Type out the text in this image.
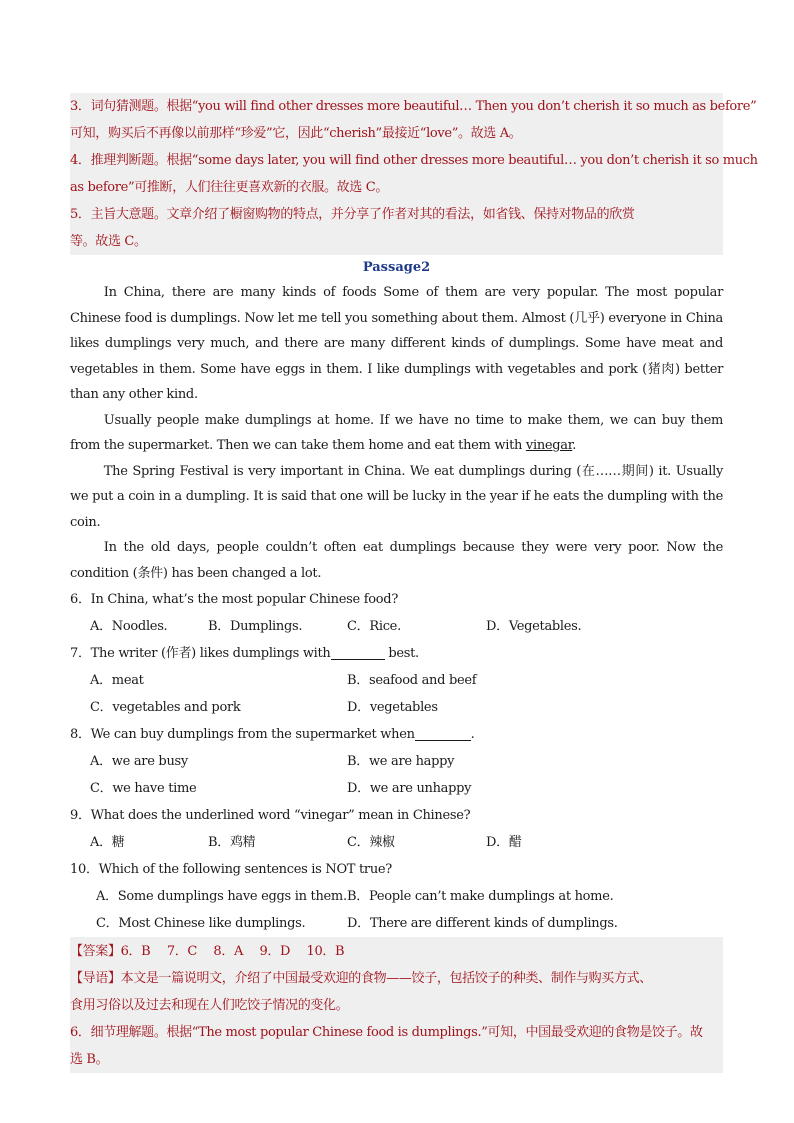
3．词句猜测题。根据“you will find other dresses more beautiful… Then you don’t cherish it so much as before”
可知，购买后不再像以前那样“珍爱”它，因此“cherish”最接近“love”。故选 A。
4．推理判断题。根据“some days later, you will find other dresses more beautiful… you don’t cherish it so much
as before”可推断，人们往往更喜欢新的衣服。故选 C。
5．主旨大意题。文章介绍了橱窗购物的特点，并分享了作者对其的看法，如省钱、保持对物品的欣赏
等。故选 C。
Passage2
In China, there are many kinds of foods Some of them are very popular. The most popular Chinese food is dumplings. Now let me tell you something about them. Almost (几乎) everyone in China likes dumplings very much, and there are many different kinds of dumplings. Some have meat and vegetables in them. Some have eggs in them. I like dumplings with vegetables and pork (猪肉) better than any other kind.
Usually people make dumplings at home. If we have no time to make them, we can buy them from the supermarket. Then we can take them home and eat them with vinegar.
The Spring Festival is very important in China. We eat dumplings during (在……期间) it. Usually we put a coin in a dumpling. It is said that one will be lucky in the year if he eats the dumpling with the coin.
In the old days, people couldn’t often eat dumplings because they were very poor. Now the condition (条件) has been changed a lot.
6．In China, what’s the most popular Chinese food?
A．Noodles.	B．Dumplings.	C．Rice.	D．Vegetables.
7．The writer (作者) likes dumplings with	best.
A．meat	B．seafood and beef
C．vegetables and pork	D．vegetables
8．We can buy dumplings from the supermarket when	.
A．we are busy	B．we are happy
C．we have time	D．we are unhappy
9．What does the underlined word “vinegar” mean in Chinese?
A．糖	B．鸡精	C．辣椒	D．醋
10．Which of the following sentences is NOT true?
A．Some dumplings have eggs in them. B．People can’t make dumplings at home.
C．Most Chinese like dumplings.	D．There are different kinds of dumplings.
【答案】6．B　 7．C　 8．A　 9．D　 10．B
【导语】本文是一篇说明文，介绍了中国最受欢迎的食物——饺子，包括饺子的种类、制作与购买方式、
食用习俗以及过去和现在人们吃饺子情况的变化。
6．细节理解题。根据“The most popular Chinese food is dumplings.”可知，中国最受欢迎的食物是饺子。故
选 B。
